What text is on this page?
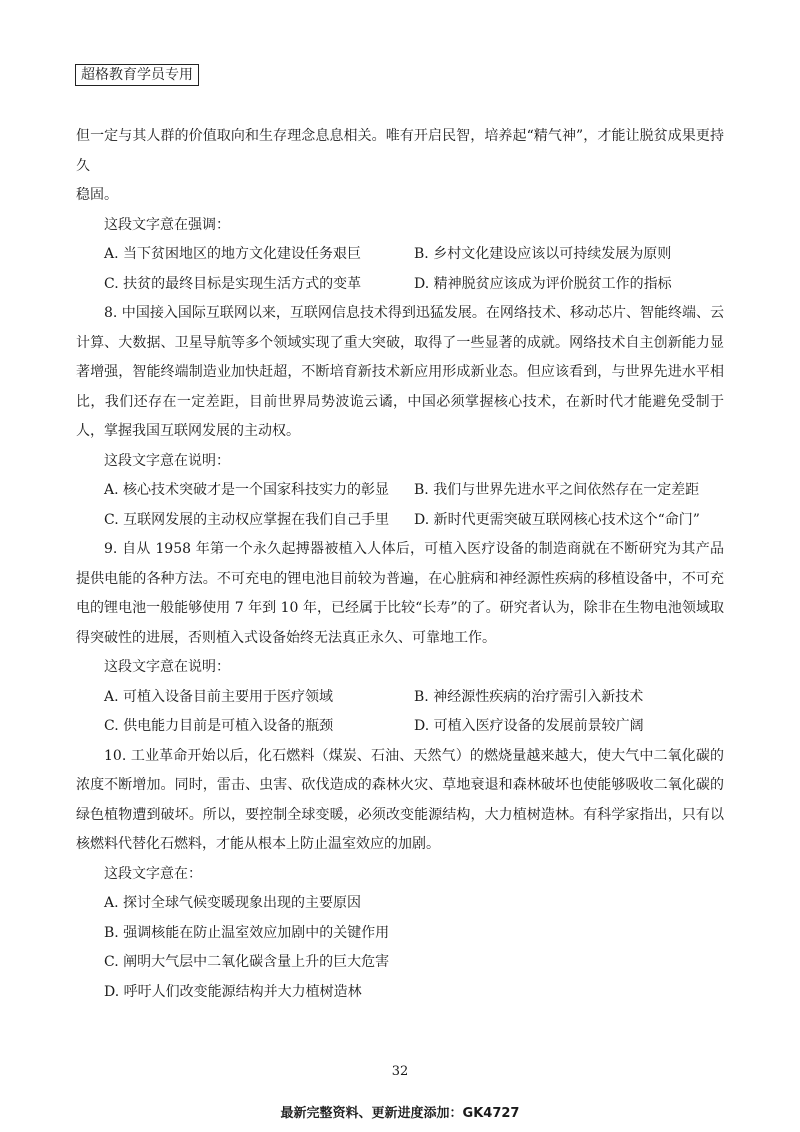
超格教育学员专用

但一定与其人群的价值取向和生存理念息息相关。唯有开启民智，培养起“精气神”，才能让脱贫成果更持久

稳固。

这段文字意在强调：

A. 当下贫困地区的地方文化建设任务艰巨	B. 乡村文化建设应该以可持续发展为原则
C. 扶贫的最终目标是实现生活方式的变革	D. 精神脱贫应该成为评价脱贫工作的指标

8. 中国接入国际互联网以来，互联网信息技术得到迅猛发展。在网络技术、移动芯片、智能终端、云计算、大数据、卫星导航等多个领域实现了重大突破，取得了一些显著的成就。网络技术自主创新能力显著增强，智能终端制造业加快赶超，不断培育新技术新应用形成新业态。但应该看到，与世界先进水平相比，我们还存在一定差距，目前世界局势波诡云谲，中国必须掌握核心技术，在新时代才能避免受制于人，掌握我国互联网发展的主动权。

这段文字意在说明：

A. 核心技术突破才是一个国家科技实力的彰显	B. 我们与世界先进水平之间依然存在一定差距
C. 互联网发展的主动权应掌握在我们自己手里	D. 新时代更需突破互联网核心技术这个“命门”

9. 自从 1958 年第一个永久起搏器被植入人体后，可植入医疗设备的制造商就在不断研究为其产品提供电能的各种方法。不可充电的锂电池目前较为普遍，在心脏病和神经源性疾病的移植设备中，不可充电的锂电池一般能够使用 7 年到 10 年，已经属于比较“长寿”的了。研究者认为，除非在生物电池领域取得突破性的进展，否则植入式设备始终无法真正永久、可靠地工作。

这段文字意在说明：

A. 可植入设备目前主要用于医疗领域	B. 神经源性疾病的治疗需引入新技术
C. 供电能力目前是可植入设备的瓶颈	D. 可植入医疗设备的发展前景较广阔

10. 工业革命开始以后，化石燃料（煤炭、石油、天然气）的燃烧量越来越大，使大气中二氧化碳的浓度不断增加。同时，雷击、虫害、砍伐造成的森林火灾、草地衰退和森林破坏也使能够吸收二氧化碳的绿色植物遭到破坏。所以，要控制全球变暖，必须改变能源结构，大力植树造林。有科学家指出，只有以核燃料代替化石燃料，才能从根本上防止温室效应的加剧。

这段文字意在：

A. 探讨全球气候变暖现象出现的主要原因

B. 强调核能在防止温室效应加剧中的关键作用

C. 阐明大气层中二氧化碳含量上升的巨大危害

D. 呼吁人们改变能源结构并大力植树造林

32
最新完整资料、更新进度添加：GK4727
